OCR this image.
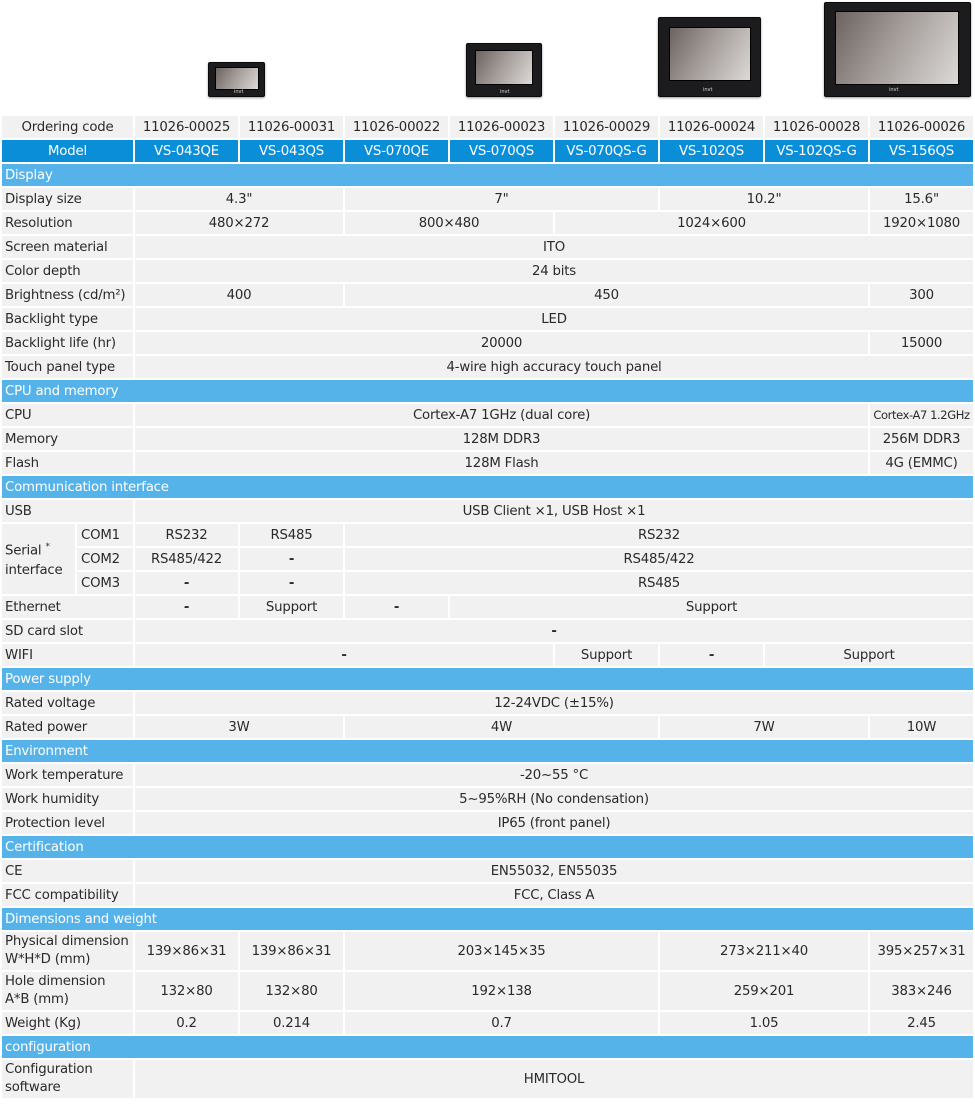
invt	invt	invt	invt
Ordering code		11026-00025	11026-00031	11026-00022	11026-00023	11026-00029	11026-00024	11026-00028	11026-00026
Model		VS-043QE	VS-043QS	VS-070QE	VS-070QS	VS-070QS-G	VS-102QS	VS-102QS-G	VS-156QS
Display									
Display size		4.3"		7"			10.2"		15.6"
Resolution		480×272		800×480		1024×600			1920×1080
Screen material		ITO							
Color depth		24 bits							
Brightness (cd/m²)		400		450					300
Backlight type		LED							
Backlight life (hr)		20000							15000
Touch panel type		4-wire high accuracy touch panel							
CPU and memory									
CPU		Cortex-A7 1GHz (dual core)							Cortex-A7 1.2GHz
Memory		128M DDR3							256M DDR3
Flash		128M Flash							4G (EMMC)
Communication interface									
USB		USB Client ×1, USB Host ×1							
Serial *
interface	COM1	RS232	RS485	RS232					
	COM2	RS485/422	-	RS485/422					
	COM3	-	-	RS485					
Ethernet		-	Support	-	Support				
SD card slot		-							
WIFI		-				Support	-	Support	
Power supply									
Rated voltage		12-24VDC (±15%)							
Rated power		3W		4W			7W		10W
Environment									
Work temperature		-20~55 °C							
Work humidity		5~95%RH (No condensation)							
Protection level		IP65 (front panel)							
Certification									
CE		EN55032, EN55035							
FCC compatibility		FCC, Class A							
Dimensions and weight									
Physical dimension
W*H*D (mm)		139×86×31	139×86×31	203×145×35			273×211×40		395×257×31
Hole dimension
A*B (mm)		132×80	132×80	192×138			259×201		383×246
Weight (Kg)		0.2	0.214	0.7			1.05		2.45
configuration									
Configuration
software		HMITOOL							
